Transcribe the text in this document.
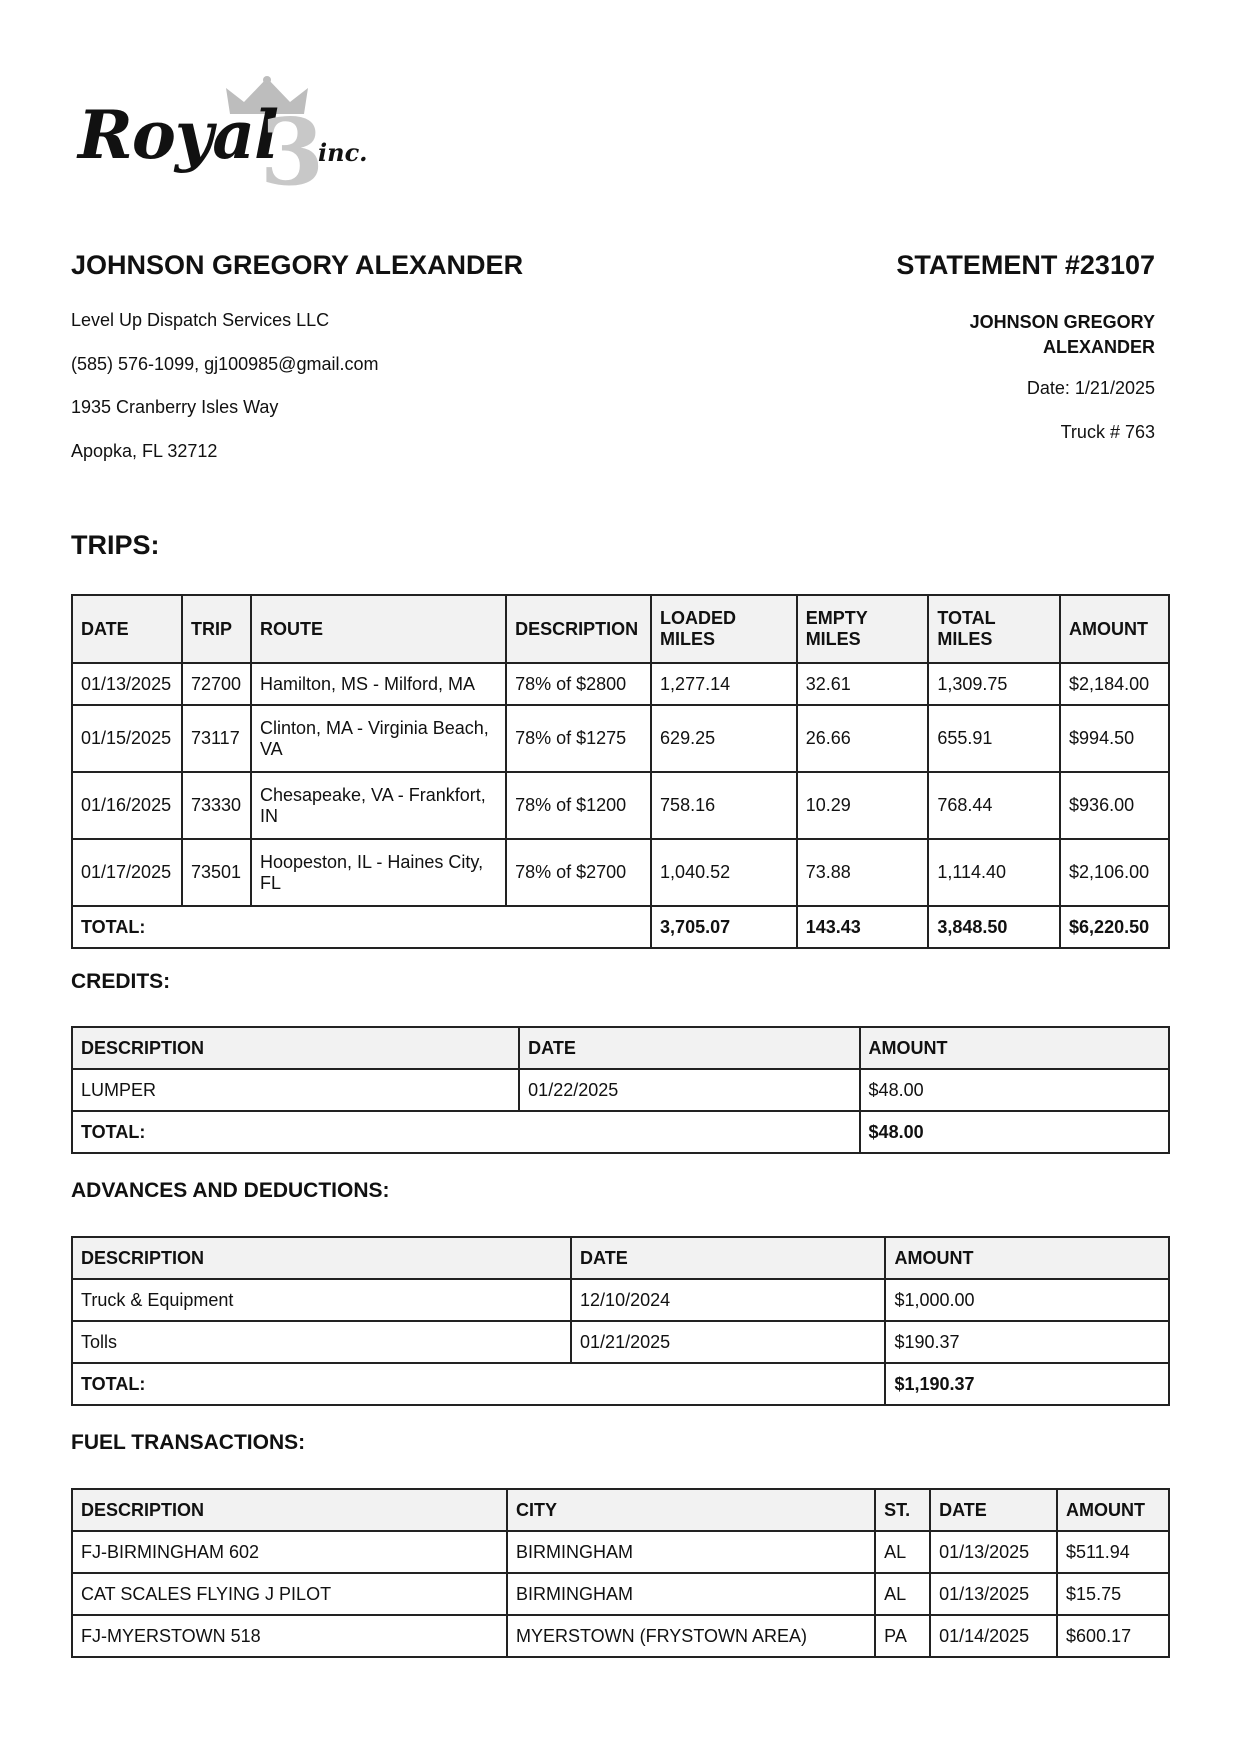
Royal
3
inc.
JOHNSON GREGORY ALEXANDER	STATEMENT #23107
Level Up Dispatch Services LLC
(585) 576-1099, gj100985@gmail.com
1935 Cranberry Isles Way
Apopka, FL 32712
JOHNSON GREGORY
ALEXANDER
Date: 1/21/2025
Truck # 763
TRIPS:
DATE	TRIP	ROUTE	DESCRIPTION	LOADED MILES	EMPTY MILES	TOTAL MILES	AMOUNT
01/13/2025	72700	Hamilton, MS - Milford, MA	78% of $2800	1,277.14	32.61	1,309.75	$2,184.00
01/15/2025	73117	Clinton, MA - Virginia Beach, VA	78% of $1275	629.25	26.66	655.91	$994.50
01/16/2025	73330	Chesapeake, VA - Frankfort, IN	78% of $1200	758.16	10.29	768.44	$936.00
01/17/2025	73501	Hoopeston, IL - Haines City, FL	78% of $2700	1,040.52	73.88	1,114.40	$2,106.00
TOTAL:				3,705.07	143.43	3,848.50	$6,220.50
CREDITS:
DESCRIPTION	DATE	AMOUNT
LUMPER	01/22/2025	$48.00
TOTAL:		$48.00
ADVANCES AND DEDUCTIONS:
DESCRIPTION	DATE	AMOUNT
Truck & Equipment	12/10/2024	$1,000.00
Tolls	01/21/2025	$190.37
TOTAL:		$1,190.37
FUEL TRANSACTIONS:
DESCRIPTION	CITY	ST.	DATE	AMOUNT
FJ-BIRMINGHAM 602	BIRMINGHAM	AL	01/13/2025	$511.94
CAT SCALES FLYING J PILOT	BIRMINGHAM	AL	01/13/2025	$15.75
FJ-MYERSTOWN 518	MYERSTOWN (FRYSTOWN AREA)	PA	01/14/2025	$600.17
